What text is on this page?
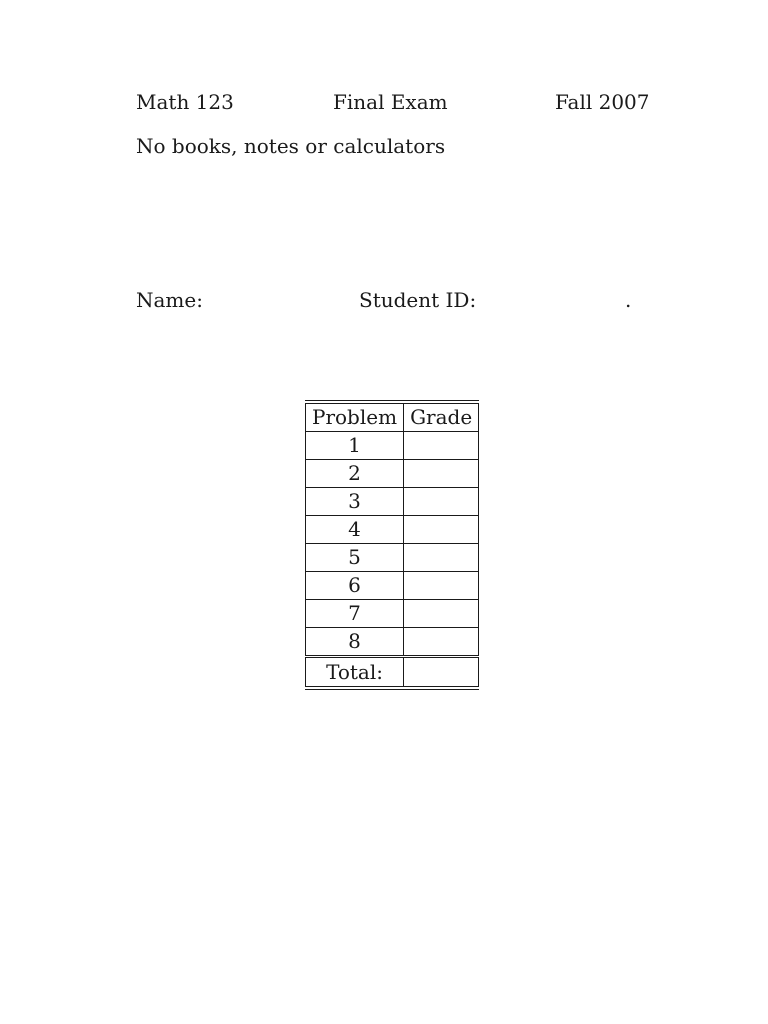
Math 123	Final Exam	Fall 2007
No books, notes or calculators
Name:	Student ID:	.
Problem	Grade
1	
2	
3	
4	
5	
6	
7	
8	
Total:	
